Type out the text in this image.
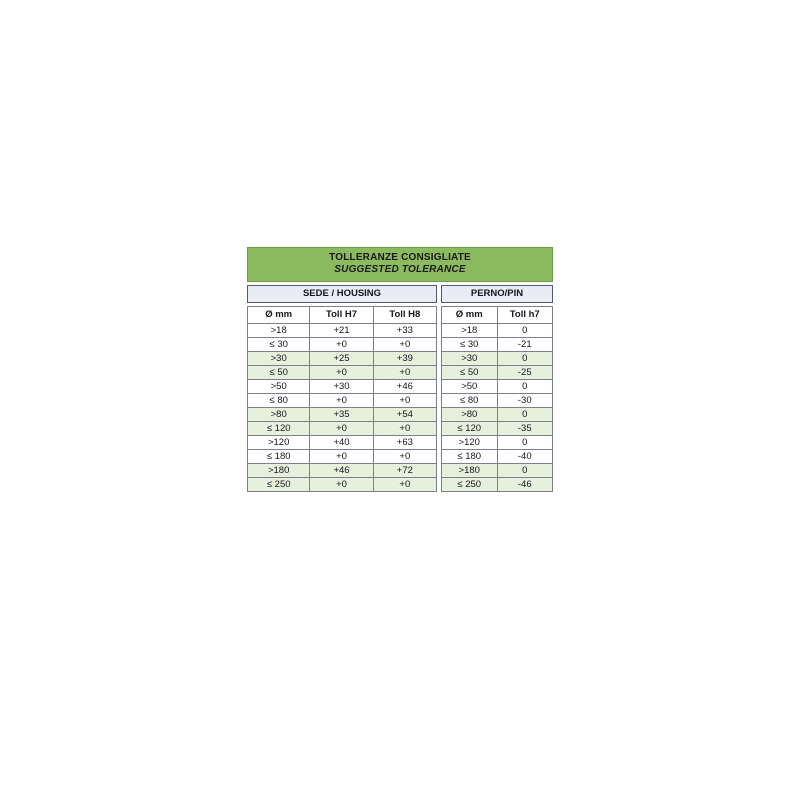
TOLLERANZE CONSIGLIATE
SUGGESTED TOLERANCE
SEDE / HOUSING
Ø mm	Toll H7	Toll H8
>18	+21	+33
≤ 30	+0	+0
>30	+25	+39
≤ 50	+0	+0
>50	+30	+46
≤ 80	+0	+0
>80	+35	+54
≤ 120	+0	+0
>120	+40	+63
≤ 180	+0	+0
>180	+46	+72
≤ 250	+0	+0
PERNO/PIN
Ø mm	Toll h7
>18	0
≤ 30	-21
>30	0
≤ 50	-25
>50	0
≤ 80	-30
>80	0
≤ 120	-35
>120	0
≤ 180	-40
>180	0
≤ 250	-46
